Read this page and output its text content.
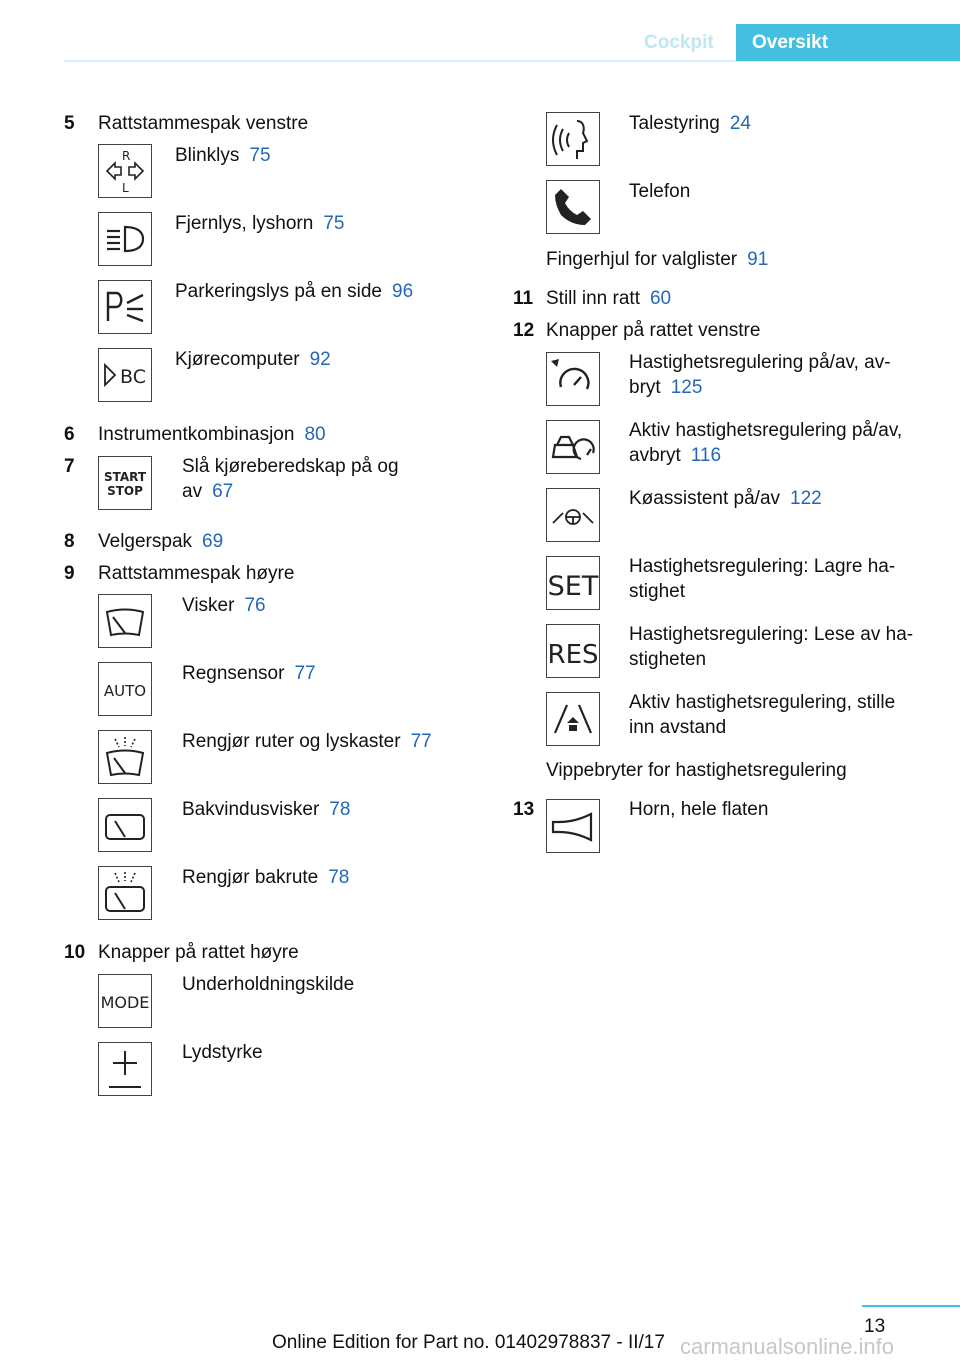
Cockpit Oversikt
5 Rattstammespak venstre
R
L
Blinklys 75
Fjernlys, lyshorn 75
Parkeringslys på en side 96
BC
Kjørecomputer 92
6 Instrumentkombinasjon 80
7 START
STOP
Slå kjøreberedskap på og
av 67
8 Velgerspak 69
9 Rattstammespak høyre
Visker 76
AUTO
Regnsensor 77
Rengjør ruter og lyskaster 77
Bakvindusvisker 78
Rengjør bakrute 78
10 Knapper på rattet høyre
MODE
Underholdningskilde
Lydstyrke
Talestyring 24
Telefon
Fingerhjul for valglister 91
11 Still inn ratt 60
12 Knapper på rattet venstre
Hastighetsregulering på/av, av-
bryt 125
Aktiv hastighetsregulering på/av,
avbryt 116
Køassistent på/av 122
SET
Hastighetsregulering: Lagre ha-
stighet
RES
Hastighetsregulering: Lese av ha-
stigheten
Aktiv hastighetsregulering, stille
inn avstand
Vippebryter for hastighetsregulering
13	Horn, hele flaten
13
Online Edition for Part no. 01402978837 - II/17 carmanualsonline.info
